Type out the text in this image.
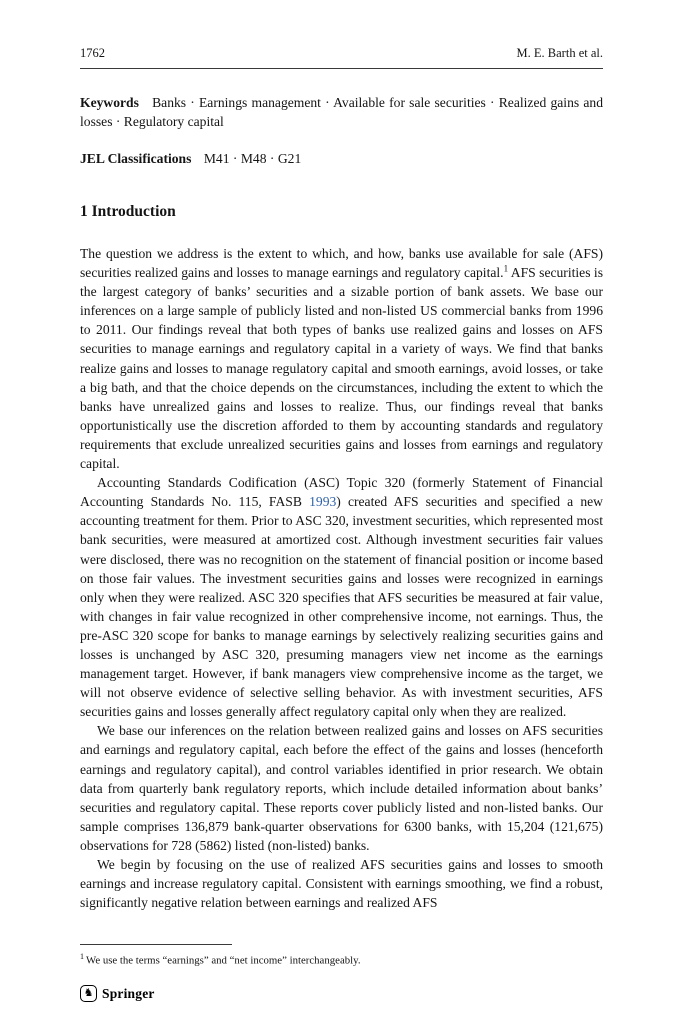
1762	M. E. Barth et al.

Keywords Banks · Earnings management · Available for sale securities · Realized gains and losses · Regulatory capital

JEL Classifications M41 · M48 · G21

1 Introduction

The question we address is the extent to which, and how, banks use available for sale (AFS) securities realized gains and losses to manage earnings and regulatory capital.$^1$ AFS securities is the largest category of banks’ securities and a sizable portion of bank assets. We base our inferences on a large sample of publicly listed and non-listed US commercial banks from 1996 to 2011. Our findings reveal that both types of banks use realized gains and losses on AFS securities to manage earnings and regulatory capital in a variety of ways. We find that banks realize gains and losses to manage regulatory capital and smooth earnings, avoid losses, or take a big bath, and that the choice depends on the circumstances, including the extent to which the banks have unrealized gains and losses to realize. Thus, our findings reveal that banks opportunistically use the discretion afforded to them by accounting standards and regulatory requirements that exclude unrealized securities gains and losses from earnings and regulatory capital.

Accounting Standards Codification (ASC) Topic 320 (formerly Statement of Financial Accounting Standards No. 115, FASB 1993) created AFS securities and specified a new accounting treatment for them. Prior to ASC 320, investment securities, which represented most bank securities, were measured at amortized cost. Although investment securities fair values were disclosed, there was no recognition on the statement of financial position or income based on those fair values. The investment securities gains and losses were recognized in earnings only when they were realized. ASC 320 specifies that AFS securities be measured at fair value, with changes in fair value recognized in other comprehensive income, not earnings. Thus, the pre-ASC 320 scope for banks to manage earnings by selectively realizing securities gains and losses is unchanged by ASC 320, presuming managers view net income as the earnings management target. However, if bank managers view comprehensive income as the target, we will not observe evidence of selective selling behavior. As with investment securities, AFS securities gains and losses generally affect regulatory capital only when they are realized.

We base our inferences on the relation between realized gains and losses on AFS securities and earnings and regulatory capital, each before the effect of the gains and losses (henceforth earnings and regulatory capital), and control variables identified in prior research. We obtain data from quarterly bank regulatory reports, which include detailed information about banks’ securities and regulatory capital. These reports cover publicly listed and non-listed banks. Our sample comprises 136,879 bank-quarter observations for 6300 banks, with 15,204 (121,675) observations for 728 (5862) listed (non-listed) banks.

We begin by focusing on the use of realized AFS securities gains and losses to smooth earnings and increase regulatory capital. Consistent with earnings smoothing, we find a robust, significantly negative relation between earnings and realized AFS

$^1$ We use the terms “earnings” and “net income” interchangeably.
♞ Springer
